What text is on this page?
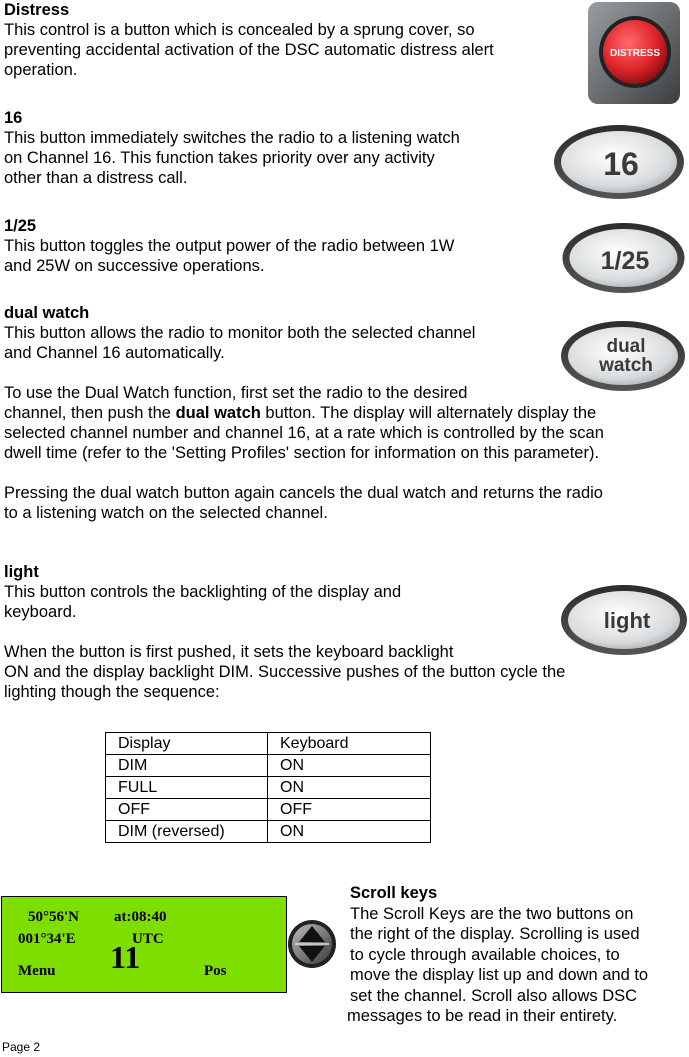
Distress

This control is a button which is concealed by a sprung cover, so

preventing accidental activation of the DSC automatic distress alert

operation.

DISTRESS

16

This button immediately switches the radio to a listening watch

on Channel 16. This function takes priority over any activity

other than a distress call.	16

1/25

This button toggles the output power of the radio between 1W

and 25W on successive operations.	1/25

dual watch

This button allows the radio to monitor both the selected channel

and Channel 16 automatically.

To use the Dual Watch function, first set the radio to the desired

channel, then push the dual watch button. The display will alternately display the

selected channel number and channel 16, at a rate which is controlled by the scan

dwell time (refer to the 'Setting Profiles' section for information on this parameter).

Pressing the dual watch button again cancels the dual watch and returns the radio

to a listening watch on the selected channel.

dual
watch

light

This button controls the backlighting of the display and

keyboard.

When the button is first pushed, it sets the keyboard backlight

ON and the display backlight DIM. Successive pushes of the button cycle the

lighting though the sequence:

light
Display	Keyboard
DIM	ON
FULL	ON
OFF	OFF
DIM (reversed)	ON
50°56'N at:08:40
001°34'E	UTC
Menu 11	Pos

Scroll keys

The Scroll Keys are the two buttons on

the right of the display. Scrolling is used

to cycle through available choices, to

move the display list up and down and to

set the channel. Scroll also allows DSC

messages to be read in their entirety.

Page 2
